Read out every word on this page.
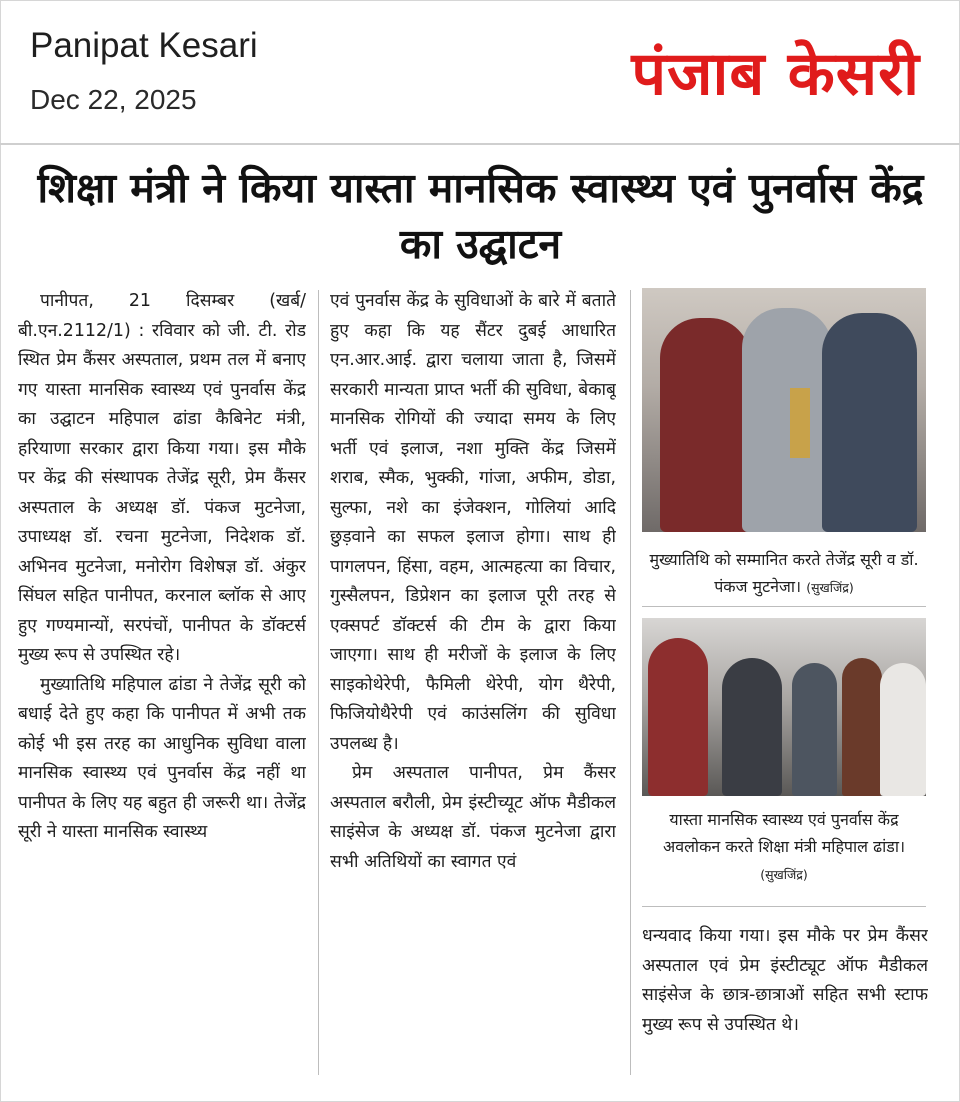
Panipat Kesari
Dec 22, 2025	पंजाब केसरी
शिक्षा मंत्री ने किया यास्ता मानसिक स्वास्थ्य एवं पुनर्वास केंद्र का उद्घाटन

पानीपत, 21 दिसम्बर (खर्ब/बी.एन.2112/1) : रविवार को जी. टी. रोड स्थित प्रेम कैंसर अस्पताल, प्रथम तल में बनाए गए यास्ता मानसिक स्वास्थ्य एवं पुनर्वास केंद्र का उद्घाटन महिपाल ढांडा कैबिनेट मंत्री, हरियाणा सरकार द्वारा किया गया। इस मौके पर केंद्र की संस्थापक तेजेंद्र सूरी, प्रेम कैंसर अस्पताल के अध्यक्ष डॉ. पंकज मुटनेजा, उपाध्यक्ष डॉ. रचना मुटनेजा, निदेशक डॉ. अभिनव मुटनेजा, मनोरोग विशेषज्ञ डॉ. अंकुर सिंघल सहित पानीपत, करनाल ब्लॉक से आए हुए गण्यमान्यों, सरपंचों, पानीपत के डॉक्टर्स मुख्य रूप से उपस्थित रहे।

मुख्यातिथि महिपाल ढांडा ने तेजेंद्र सूरी को बधाई देते हुए कहा कि पानीपत में अभी तक कोई भी इस तरह का आधुनिक सुविधा वाला मानसिक स्वास्थ्य एवं पुनर्वास केंद्र नहीं था पानीपत के लिए यह बहुत ही जरूरी था। तेजेंद्र सूरी ने यास्ता मानसिक स्वास्थ्य

एवं पुनर्वास केंद्र के सुविधाओं के बारे में बताते हुए कहा कि यह सैंटर दुबई आधारित एन.आर.आई. द्वारा चलाया जाता है, जिसमें सरकारी मान्यता प्राप्त भर्ती की सुविधा, बेकाबू मानसिक रोगियों की ज्यादा समय के लिए भर्ती एवं इलाज, नशा मुक्ति केंद्र जिसमें शराब, स्मैक, भुक्की, गांजा, अफीम, डोडा, सुल्फा, नशे का इंजेक्शन, गोलियां आदि छुड़वाने का सफल इलाज होगा। साथ ही पागलपन, हिंसा, वहम, आत्महत्या का विचार, गुस्सैलपन, डिप्रेशन का इलाज पूरी तरह से एक्सपर्ट डॉक्टर्स की टीम के द्वारा किया जाएगा। साथ ही मरीजों के इलाज के लिए साइकोथेरेपी, फैमिली थेरेपी, योग थैरेपी, फिजियोथैरेपी एवं काउंसलिंग की सुविधा उपलब्ध है।

प्रेम अस्पताल पानीपत, प्रेम कैंसर अस्पताल बरौली, प्रेम इंस्टीच्यूट ऑफ मैडीकल साइंसेज के अध्यक्ष डॉ. पंकज मुटनेजा द्वारा सभी अतिथियों का स्वागत एवं

मुख्यातिथि को सम्मानित करते तेजेंद्र सूरी व डॉ. पंकज मुटनेजा। (सुखजिंद्र)
यास्ता मानसिक स्वास्थ्य एवं पुनर्वास केंद्र अवलोकन करते शिक्षा मंत्री महिपाल ढांडा। (सुखजिंद्र)

धन्यवाद किया गया। इस मौके पर प्रेम कैंसर अस्पताल एवं प्रेम इंस्टीट्यूट ऑफ मैडीकल साइंसेज के छात्र-छात्राओं सहित सभी स्टाफ मुख्य रूप से उपस्थित थे।
